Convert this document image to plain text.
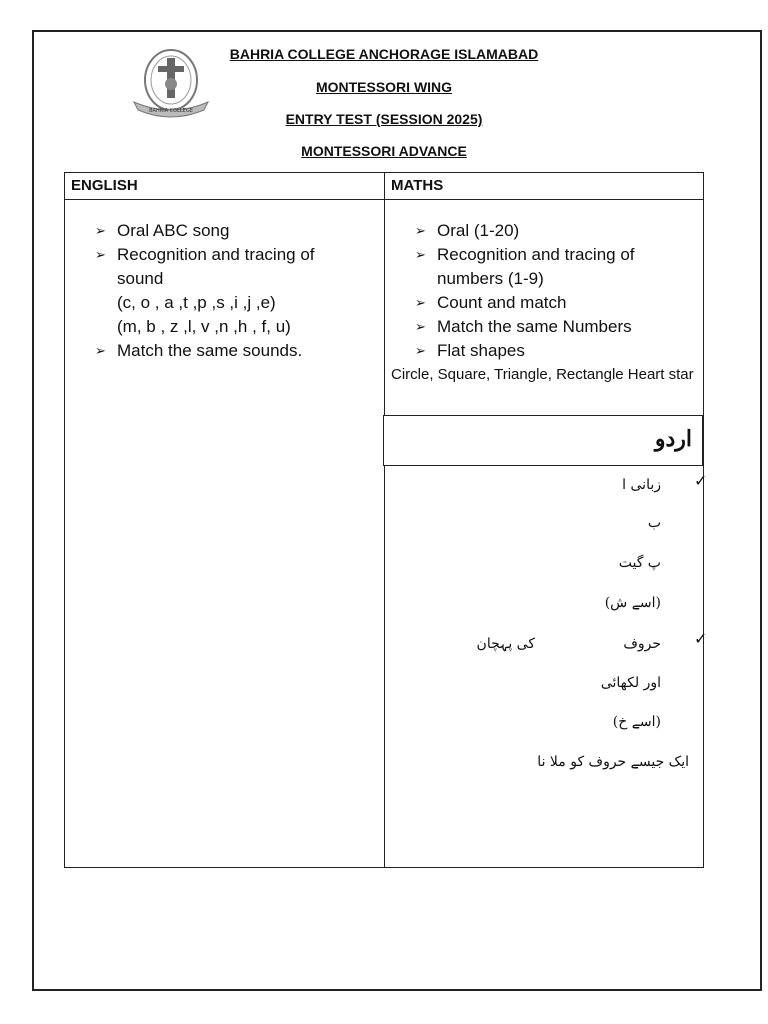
BAHRIA COLLEGE
BAHRIA COLLEGE ANCHORAGE ISLAMABAD
MONTESSORI WING
ENTRY TEST (SESSION 2025)
MONTESSORI ADVANCE
ENGLISH	MATHS
➢ Oral ABC song
➢ Recognition and tracing of sound
(c, o , a ,t ,p ,s ,i ,j ,e)
(m, b , z ,l, v ,n ,h , f, u)
➢ Match the same sounds.
➢ Oral (1-20)
➢ Recognition and tracing of numbers (1-9)
➢ Count and match
➢ Match the same Numbers
➢ Flat shapes
Circle, Square, Triangle, Rectangle Heart star
اردو
✓
زبانی ا
ب
پ گیت
(اسے ش)
✓
حروف
کی پہچان
اور لکھائی
(اسے خ)
ایک جیسے حروف کو ملا نا
